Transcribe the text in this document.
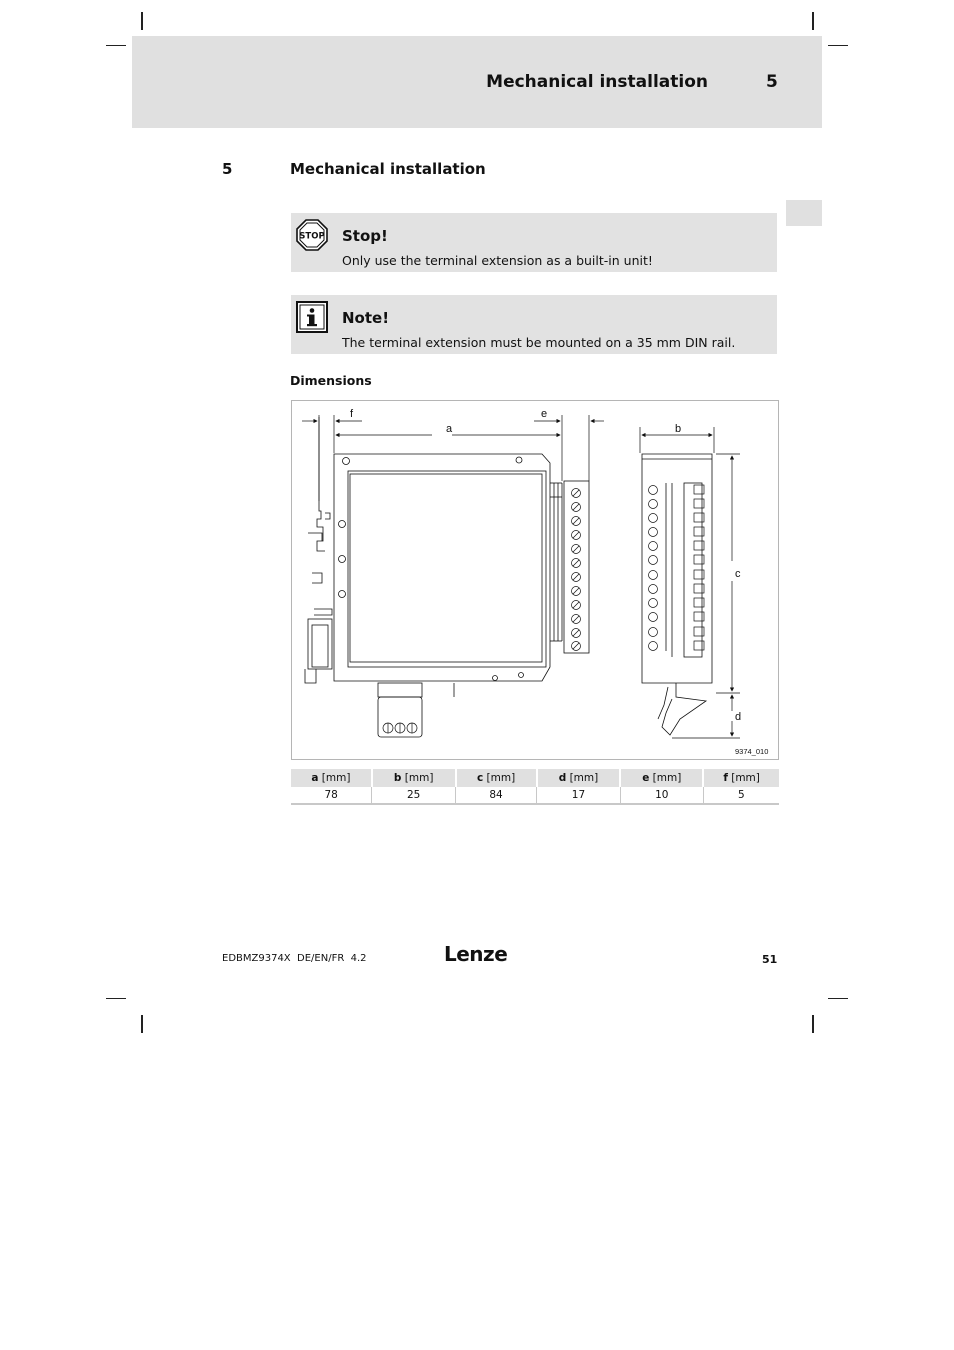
Mechanical installation	5
5	Mechanical installation
STOP Stop!
Only use the terminal extension as a built-in unit!
Note!
The terminal extension must be mounted on a 35 mm DIN rail.
Dimensions
f
a
e
b
c
d
9374_010
a [mm]	b [mm]	c [mm]	d [mm]	e [mm]	f [mm]
78	25	84	17	10	5
EDBMZ9374X  DE/EN/FR  4.2	Lenze	51
